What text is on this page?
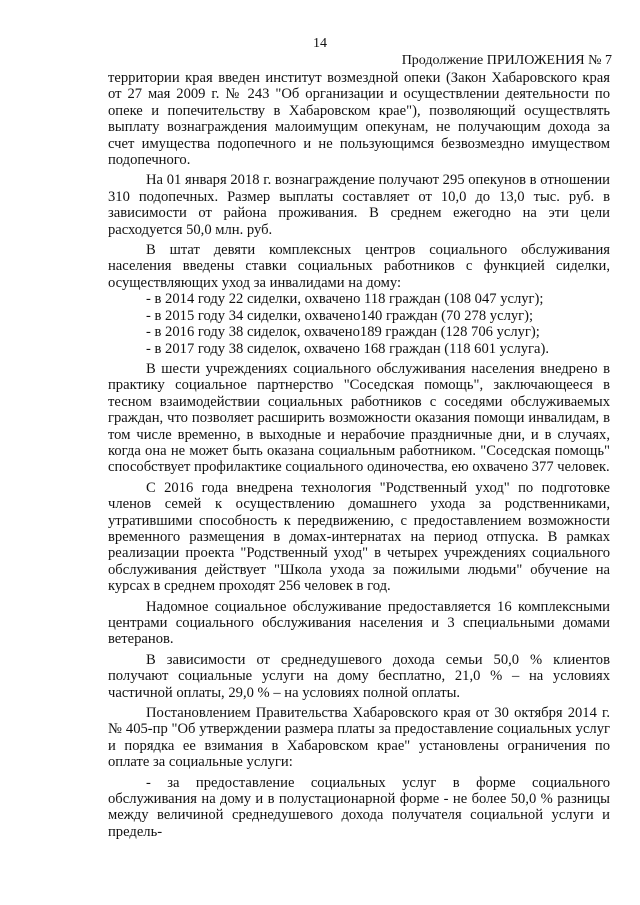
14
Продолжение ПРИЛОЖЕНИЯ № 7

территории края введен институт возмездной опеки (Закон Хабаровского края от 27 мая 2009 г. № 243 "Об организации и осуществлении деятельности по опеке и попечительству в Хабаровском крае"), позволяющий осуществлять выплату вознаграждения малоимущим опекунам, не получающим дохода за счет имущества подопечного и не пользующимся безвозмездно имуществом подопечного.

На 01 января 2018 г. вознаграждение получают 295 опекунов в отношении 310 подопечных. Размер выплаты составляет от 10,0 до 13,0 тыс. руб. в зависимости от района проживания. В среднем ежегодно на эти цели расходуется 50,0 млн. руб.

В штат девяти комплексных центров социального обслуживания населения введены ставки социальных работников с функцией сиделки, осуществляющих уход за инвалидами на дому:

- в 2014 году 22 сиделки, охвачено 118 граждан (108 047 услуг);
- в 2015 году 34 сиделки, охвачено140 граждан (70 278 услуг);
- в 2016 году 38 сиделок, охвачено189 граждан (128 706 услуг);
- в 2017 году 38 сиделок, охвачено 168 граждан (118 601 услуга).

В шести учреждениях социального обслуживания населения внедрено в практику социальное партнерство "Соседская помощь", заключающееся в тесном взаимодействии социальных работников с соседями обслуживаемых граждан, что позволяет расширить возможности оказания помощи инвалидам, в том числе временно, в выходные и нерабочие праздничные дни, и в случаях, когда она не может быть оказана социальным работником. "Соседская помощь" способствует профилактике социального одиночества, ею охвачено 377 человек.

С 2016 года внедрена технология "Родственный уход" по подготовке членов семей к осуществлению домашнего ухода за родственниками, утратившими способность к передвижению, с предоставлением возможности временного размещения в домах-интернатах на период отпуска. В рамках реализации проекта "Родственный уход" в четырех учреждениях социального обслуживания действует "Школа ухода за пожилыми людьми" обучение на курсах в среднем проходят 256 человек в год.

Надомное социальное обслуживание предоставляется 16 комплексными центрами социального обслуживания населения и 3 специальными домами ветеранов.

В зависимости от среднедушевого дохода семьи 50,0 % клиентов получают социальные услуги на дому бесплатно, 21,0 % – на условиях частичной оплаты, 29,0 % – на условиях полной оплаты.

Постановлением Правительства Хабаровского края от 30 октября 2014 г. № 405-пр "Об утверждении размера платы за предоставление социальных услуг и порядка ее взимания в Хабаровском крае" установлены ограничения по оплате за социальные услуги:

- за предоставление социальных услуг в форме социального обслуживания на дому и в полустационарной форме - не более 50,0 % разницы между величиной среднедушевого дохода получателя социальной услуги и предель-
